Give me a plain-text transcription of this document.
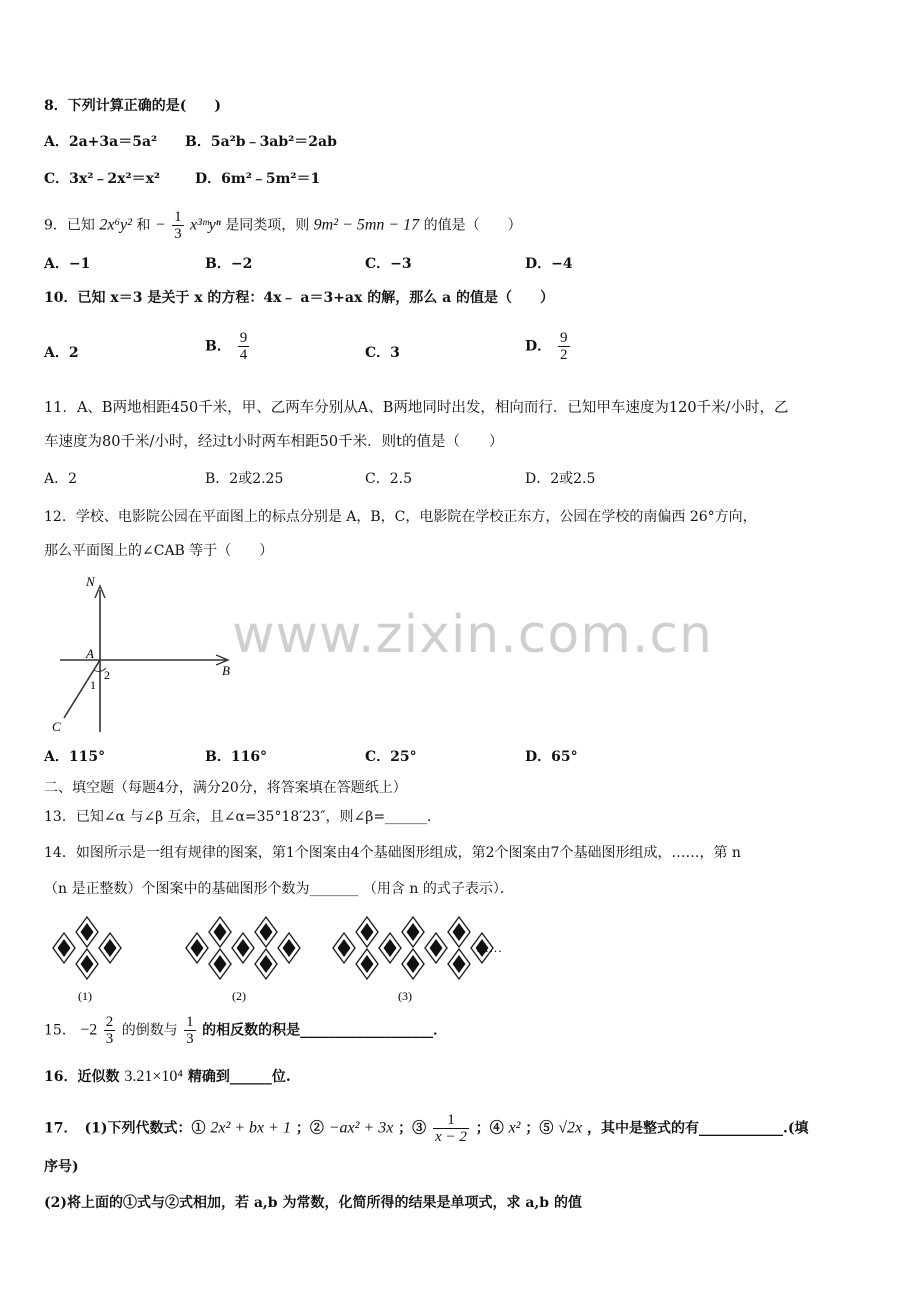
8．下列计算正确的是(　　)
A．2a+3a＝5a² B．5a²b﹣3ab²＝2ab
C．3x²﹣2x²＝x² D．6m²﹣5m²＝1
9．已知 2x⁶y² 和 − $\frac{1}{3}$ x³ᵐyⁿ 是同类项，则 9m² − 5mn − 17 的值是（　　）
A．−1	B．−2	C．−3	D．−4
10．已知 x＝3 是关于 x 的方程：4x﹣ a＝3+ax 的解，那么 a 的值是（　　）
A．2	B． $\frac{9}{4}$	C．3	D． $\frac{9}{2}$
11．A、B两地相距450千米，甲、乙两车分别从A、B两地同时出发，相向而行．已知甲车速度为120千米/小时，乙
车速度为80千米/小时，经过t小时两车相距50千米．则t的值是（　　）
A．2	B．2或2.25	C．2.5	D．2或2.5
12．学校、电影院公园在平面图上的标点分别是 A，B，C，电影院在学校正东方，公园在学校的南偏西 26°方向，
那么平面图上的∠CAB 等于（　　）
N
A
B
C
1
2
www.zixin.com.cn
A．115°	B．116°	C．25°	D．65°
二、填空题（每题4分，满分20分，将答案填在答题纸上）
13．已知∠α 与∠β 互余，且∠α=35°18′23″，则∠β=______．
14．如图所示是一组有规律的图案，第1个图案由4个基础图形组成，第2个图案由7个基础图形组成，……，第 n
（n 是正整数）个图案中的基础图形个数为_______ （用含 n 的式子表示）．
……
(1)	(2)	(3)
15． $-2 \frac{2}{3}$ 的倒数与 $\frac{1}{3}$ 的相反数的积是___________________．
16．近似数 3.21×10⁴ 精确到______位.
17．　(1)下列代数式：① 2x² + bx + 1 ；② −ax² + 3x ；③ $\frac{1}{x - 2}$ ；④ x² ；⑤ √2x ，其中是整式的有____________.(填
序号)
(2)将上面的①式与②式相加，若 a,b 为常数，化简所得的结果是单项式，求 a,b 的值
